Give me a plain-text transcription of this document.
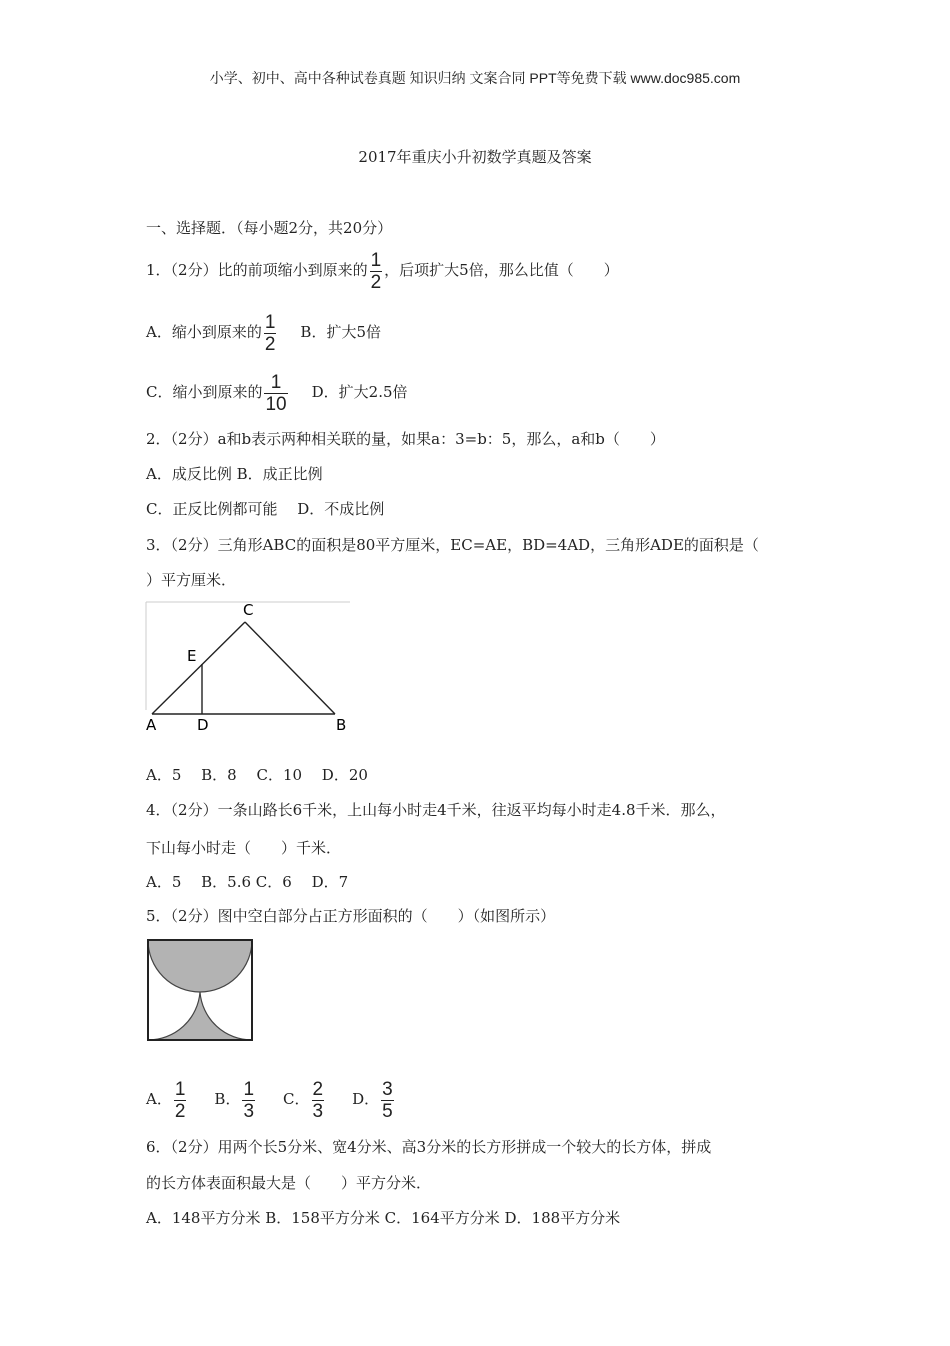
小学、初中、高中各种试卷真题 知识归纳 文案合同 PPT等免费下载 www.doc985.com
2017年重庆小升初数学真题及答案
一、选择题．（每小题2分，共20分）
1．（2分）比的前项缩小到原来的 $\frac{1}{2}$ ，后项扩大5倍，那么比值（　　）
A．缩小到原来的 $\frac{1}{2}$ B．扩大5倍
C．缩小到原来的 $\frac{1}{10}$ D．扩大2.5倍
2．（2分）a和b表示两种相关联的量，如果a：3=b：5，那么，a和b（　　）
A．成反比例 B．成正比例
C．正反比例都可能　 D．不成比例
3．（2分）三角形ABC的面积是80平方厘米，EC=AE，BD=4AD，三角形ADE的面积是（
）平方厘米．
C
E
A	D	B
A．5　 B．8　 C．10　 D．20
4．（2分）一条山路长6千米，上山每小时走4千米，往返平均每小时走4.8千米．那么，
下山每小时走（　　）千米．
A．5　 B．5.6 C．6　 D．7
5．（2分）图中空白部分占正方形面积的（　　）（如图所示）
A． $\frac{1}{2}$ B． $\frac{1}{3}$ C． $\frac{2}{3}$ D． $\frac{3}{5}$
6．（2分）用两个长5分米、宽4分米、高3分米的长方形拼成一个较大的长方体，拼成
的长方体表面积最大是（　　）平方分米．
A．148平方分米 B．158平方分米 C．164平方分米 D．188平方分米
